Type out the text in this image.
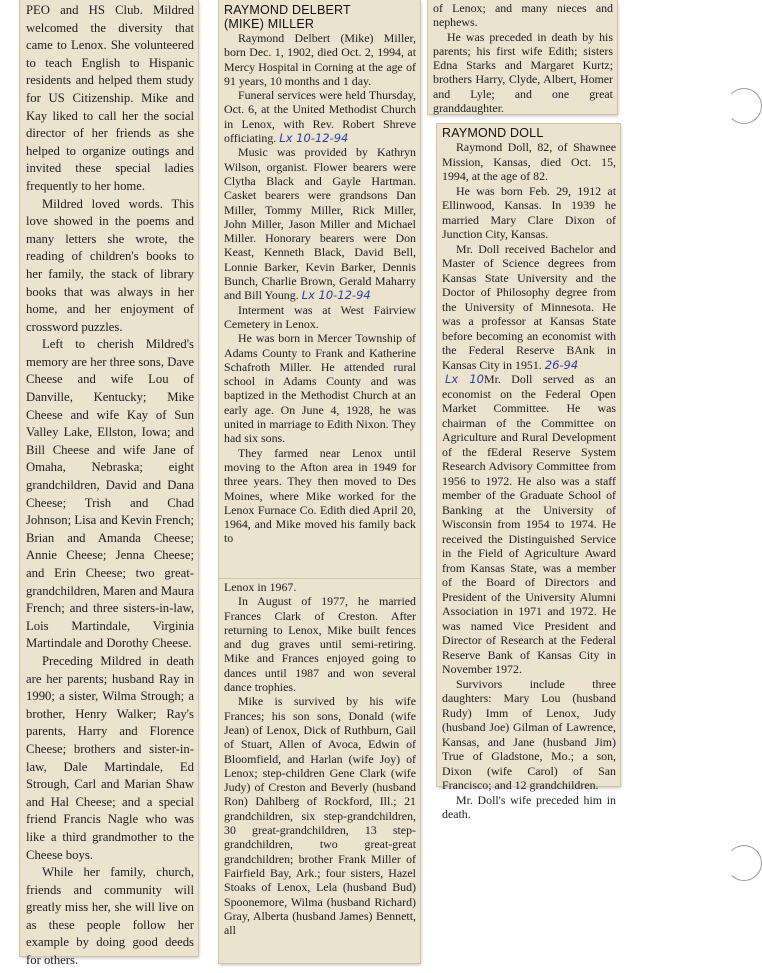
PEO and HS Club. Mildred welcomed the diversity that came to Lenox. She volunteered to teach English to Hispanic residents and helped them study for US Citizenship. Mike and Kay liked to call her the social director of her friends as she helped to organize outings and invited these special ladies frequently to her home.

Mildred loved words. This love showed in the poems and many letters she wrote, the reading of children's books to her family, the stack of library books that was always in her home, and her enjoyment of crossword puzzles.

Left to cherish Mildred's memory are her three sons, Dave Cheese and wife Lou of Danville, Kentucky; Mike Cheese and wife Kay of Sun Valley Lake, Ellston, Iowa; and Bill Cheese and wife Jane of Omaha, Nebraska; eight grandchildren, David and Dana Cheese; Trish and Chad Johnson; Lisa and Kevin French; Brian and Amanda Cheese; Annie Cheese; Jenna Cheese; and Erin Cheese; two great-grandchildren, Maren and Maura French; and three sisters-in-law, Lois Martindale, Virginia Martindale and Dorothy Cheese.

Preceding Mildred in death are her parents; husband Ray in 1990; a sister, Wilma Strough; a brother, Henry Walker; Ray's parents, Harry and Florence Cheese; brothers and sister-in-law, Dale Martindale, Ed Strough, Carl and Marian Shaw and Hal Cheese; and a special friend Francis Nagle who was like a third grandmother to the Cheese boys.

While her family, church, friends and community will greatly miss her, she will live on as these people follow her example by doing good deeds for others.

RAYMOND DELBERT
(MIKE) MILLER

Raymond Delbert (Mike) Miller, born Dec. 1, 1902, died Oct. 2, 1994, at Mercy Hospital in Corning at the age of 91 years, 10 months and 1 day.

Funeral services were held Thursday, Oct. 6, at the United Methodist Church in Lenox, with Rev. Robert Shreve officiating. Lx 10-12-94

Music was provided by Kathryn Wilson, organist. Flower bearers were Clytha Black and Gayle Hartman. Casket bearers were grandsons Dan Miller, Tommy Miller, Rick Miller, John Miller, Jason Miller and Michael Miller. Honorary bearers were Don Keast, Kenneth Black, David Bell, Lonnie Barker, Kevin Barker, Dennis Bunch, Charlie Brown, Gerald Maharry and Bill Young. Lx 10-12-94

Interment was at West Fairview Cemetery in Lenox.

He was born in Mercer Township of Adams County to Frank and Katherine Schafroth Miller. He attended rural school in Adams County and was baptized in the Methodist Church at an early age. On June 4, 1928, he was united in marriage to Edith Nixon. They had six sons.

They farmed near Lenox until moving to the Afton area in 1949 for three years. They then moved to Des Moines, where Mike worked for the Lenox Furnace Co. Edith died April 20, 1964, and Mike moved his family back to

Lenox in 1967.

In August of 1977, he married Frances Clark of Creston. After returning to Lenox, Mike built fences and dug graves until semi-retiring. Mike and Frances enjoyed going to dances until 1987 and won several dance trophies.

Mike is survived by his wife Frances; his son sons, Donald (wife Jean) of Lenox, Dick of Ruthburn, Gail of Stuart, Allen of Avoca, Edwin of Bloomfield, and Harlan (wife Joy) of Lenox; step-children Gene Clark (wife Judy) of Creston and Beverly (husband Ron) Dahlberg of Rockford, Ill.; 21 grandchildren, six step-grandchildren, 30 great-grandchildren, 13 step-grandchildren, two great-great grandchildren; brother Frank Miller of Fairfield Bay, Ark.; four sisters, Hazel Stoaks of Lenox, Lela (husband Bud) Spoonemore, Wilma (husband Richard) Gray, Alberta (husband James) Bennett, all

of Lenox; and many nieces and nephews.

He was preceded in death by his parents; his first wife Edith; sisters Edna Starks and Margaret Kurtz; brothers Harry, Clyde, Albert, Homer and Lyle; and one great granddaughter.

RAYMOND DOLL

Raymond Doll, 82, of Shawnee Mission, Kansas, died Oct. 15, 1994, at the age of 82.

He was born Feb. 29, 1912 at Ellinwood, Kansas. In 1939 he married Mary Clare Dixon of Junction City, Kansas.

Mr. Doll received Bachelor and Master of Science degrees from Kansas State University and the Doctor of Philosophy degree from the University of Minnesota. He was a professor at Kansas State before becoming an economist with the Federal Reserve BAnk in Kansas City in 1951. 26-94

Lx 10Mr. Doll served as an economist on the Federal Open Market Committee. He was chairman of the Committee on Agriculture and Rural Development of the fEderal Reserve System Research Advisory Committee from 1956 to 1972. He also was a staff member of the Graduate School of Banking at the University of Wisconsin from 1954 to 1974. He received the Distinguished Service in the Field of Agriculture Award from Kansas State, was a member of the Board of Directors and President of the University Alumni Association in 1971 and 1972. He was named Vice President and Director of Research at the Federal Reserve Bank of Kansas City in November 1972.

Survivors include three daughters: Mary Lou (husband Rudy) Imm of Lenox, Judy (husband Joe) Gilman of Lawrence, Kansas, and Jane (husband Jim) True of Gladstone, Mo.; a son, Dixon (wife Carol) of San Francisco; and 12 grandchildren.

Mr. Doll's wife preceded him in death.
